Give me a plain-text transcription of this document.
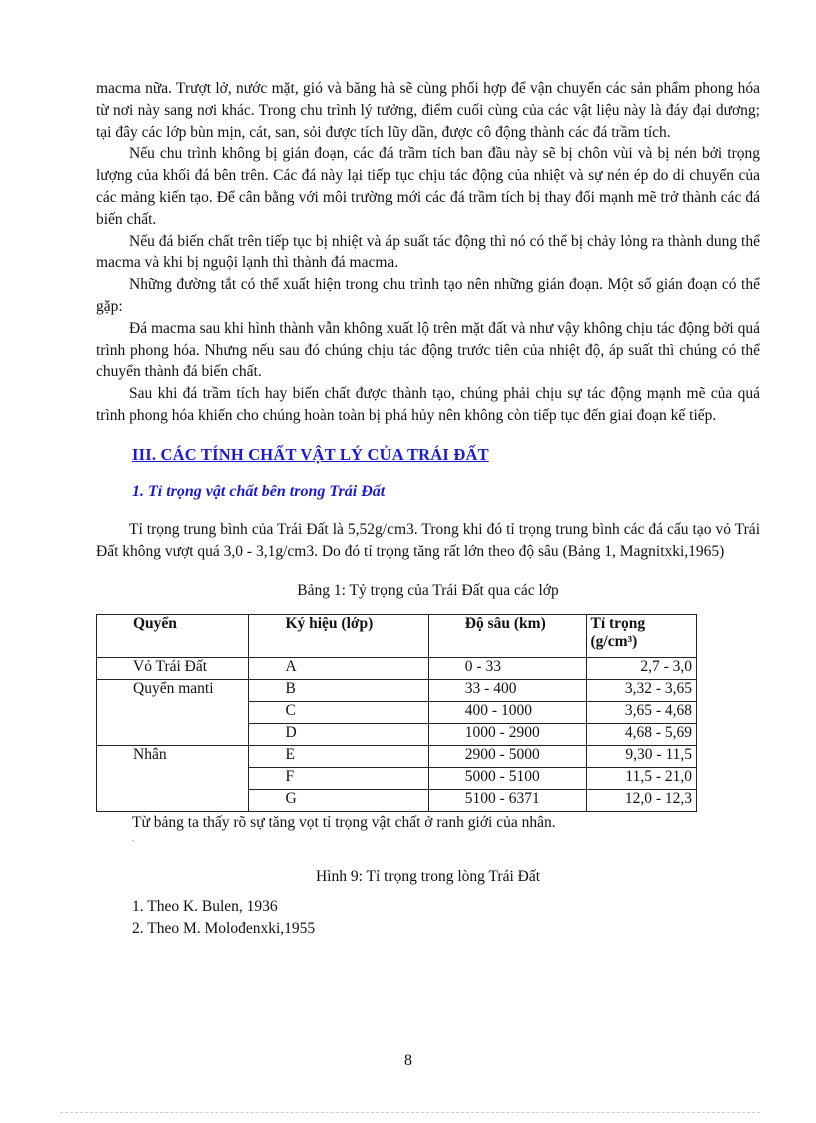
macma nữa. Trượt lở, nước mặt, gió và băng hà sẽ cùng phối hợp để vận chuyển các sản phẩm phong hóa từ nơi này sang nơi khác. Trong chu trình lý tưởng, điểm cuối cùng của các vật liệu này là đáy đại dương; tại đây các lớp bùn mịn, cát, san, sỏi được tích lũy dần, được cô động thành các đá trầm tích.

Nếu chu trình không bị gián đoạn, các đá trầm tích ban đầu này sẽ bị chôn vùi và bị nén bởi trọng lượng của khối đá bên trên. Các đá này lại tiếp tục chịu tác động của nhiệt và sự nén ép do di chuyển của các mảng kiến tạo. Để cân bằng với môi trường mới các đá trầm tích bị thay đổi mạnh mẽ trở thành các đá biến chất.

Nếu đá biến chất trên tiếp tục bị nhiệt và áp suất tác động thì nó có thể bị chảy lỏng ra thành dung thể macma và khi bị nguội lạnh thì thành đá macma.

Những đường tắt có thể xuất hiện trong chu trình tạo nên những gián đoạn. Một số gián đoạn có thể gặp:

Đá macma sau khi hình thành vẫn không xuất lộ trên mặt đất và như vậy không chịu tác động bởi quá trình phong hóa. Nhưng nếu sau đó chúng chịu tác động trước tiên của nhiệt độ, áp suất thì chúng có thể chuyển thành đá biến chất.

Sau khi đá trầm tích hay biến chất được thành tạo, chúng phải chịu sự tác động mạnh mẽ của quá trình phong hóa khiến cho chúng hoàn toàn bị phá hủy nên không còn tiếp tục đến giai đoạn kế tiếp.

III. CÁC TÍNH CHẤT VẬT LÝ CỦA TRÁI ĐẤT
1. Tỉ trọng vật chất bên trong Trái Đất

Tỉ trọng trung bình của Trái Đất là 5,52g/cm3. Trong khi đó tỉ trọng trung bình các đá cấu tạo vỏ Trái Đất không vượt quá 3,0 - 3,1g/cm3. Do đó tỉ trọng tăng rất lớn theo độ sâu (Bảng 1, Magnitxki,1965)

Bảng 1: Tỷ trọng của Trái Đất qua các lớp
Quyển	Ký hiệu (lớp)	Độ sâu (km)	Tỉ trọng (g/cm³)
Vỏ Trái Đất	A	0 - 33	2,7 - 3,0
Quyển manti	B	33 - 400	3,32 - 3,65
	C	400 - 1000	3,65 - 4,68
	D	1000 - 2900	4,68 - 5,69
Nhân	E	2900 - 5000	9,30 - 11,5
	F	5000 - 5100	11,5 - 21,0
	G	5100 - 6371	12,0 - 12,3
Từ bảng ta thấy rõ sự tăng vọt tỉ trọng vật chất ở ranh giới của nhân.
.
Hình 9: Tỉ trọng trong lòng Trái Đất
1. Theo K. Bulen, 1936
2. Theo M. Molođenxki,1955
8
